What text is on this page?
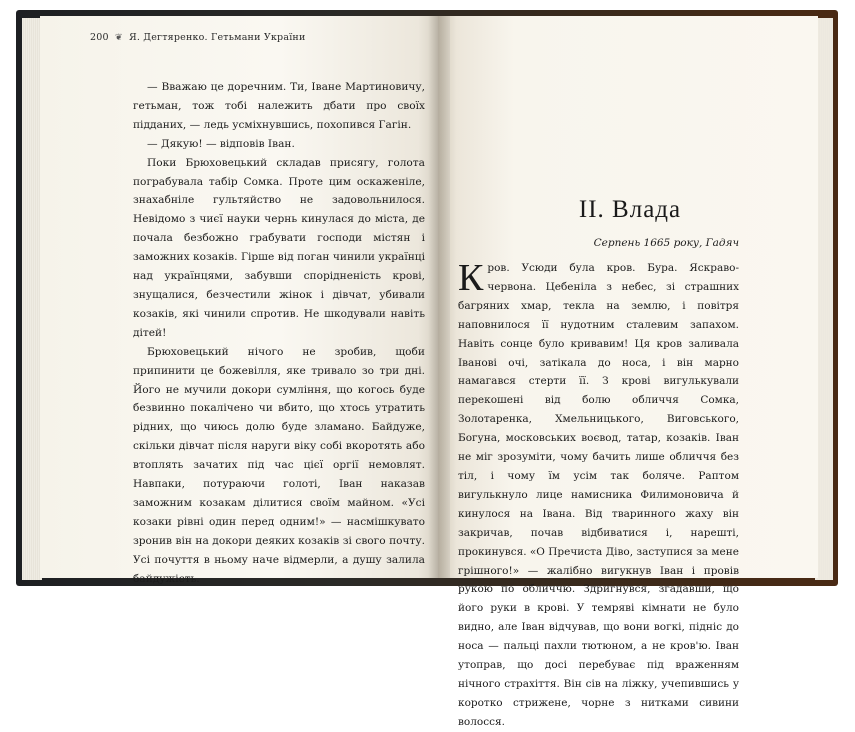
200 ❦ Я. Дегтяренко. Гетьмани України

— Вважаю це доречним. Ти, Іване Мартиновичу, гетьман, тож тобі належить дбати про своїх підданих, — ледь усміхнувшись, похопився Гагін.

— Дякую! — відповів Іван.

Поки Брюховецький складав присягу, голота пограбувала табір Сомка. Проте цим оскаженіле, знахабніле гультяйство не задовольнилося. Невідомо з чиєї науки чернь кинулася до міста, де почала безбожно грабувати господи містян і заможних козаків. Гірше від поган чинили українці над українцями, забувши спорідненість крові, знущалися, безчестили жінок і дівчат, убивали козаків, які чинили спротив. Не шкодували навіть дітей!

Брюховецький нічого не зробив, щоби припинити це божевілля, яке тривало зо три дні. Його не мучили докори сумління, що когось буде безвинно покалічено чи вбито, що хтось утратить рідних, що чиюсь долю буде зламано. Байдуже, скільки дівчат після наруги віку собі вкоротять або втоплять зачатих під час цієї оргії немовлят. Навпаки, потураючи голоті, Іван наказав заможним козакам ділитися своїм майном. «Усі козаки рівні один перед одним!» — насмішкувато зронив він на докори деяких козаків зі свого почту. Усі почуття в ньому наче відмерли, а душу залила байдужість.

ІІ. Влада
Серпень 1665 року, Гадяч

Кров. Усюди була кров. Бура. Яскраво-червона. Цебеніла з небес, зі страшних багряних хмар, текла на землю, і повітря наповнилося її нудотним сталевим запахом. Навіть сонце було кривавим! Ця кров заливала Іванові очі, затікала до носа, і він марно намагався стерти її. З крові вигулькували перекошені від болю обличчя Сомка, Золотаренка, Хмельницького, Виговського, Богуна, московських воєвод, татар, козаків. Іван не міг зрозуміти, чому бачить лише обличчя без тіл, і чому їм усім так боляче. Раптом вигулькнуло лице намисника Филимоновича й кинулося на Івана. Від тваринного жаху він закричав, почав відбиватися і, нарешті, прокинувся. «О Пречиста Діво, заступися за мене грішного!» — жалібно вигукнув Іван і провів рукою по обличчю. Здригнувся, згадавши, що його руки в крові. У темряві кімнати не було видно, але Іван відчував, що вони вогкі, підніс до носа — пальці пахли тютюном, а не кров'ю. Іван утоправ, що досі перебуває під враженням нічного страхіття. Він сів на ліжку, учепившись у коротко стрижене, чорне з нитками сивини волосся.
